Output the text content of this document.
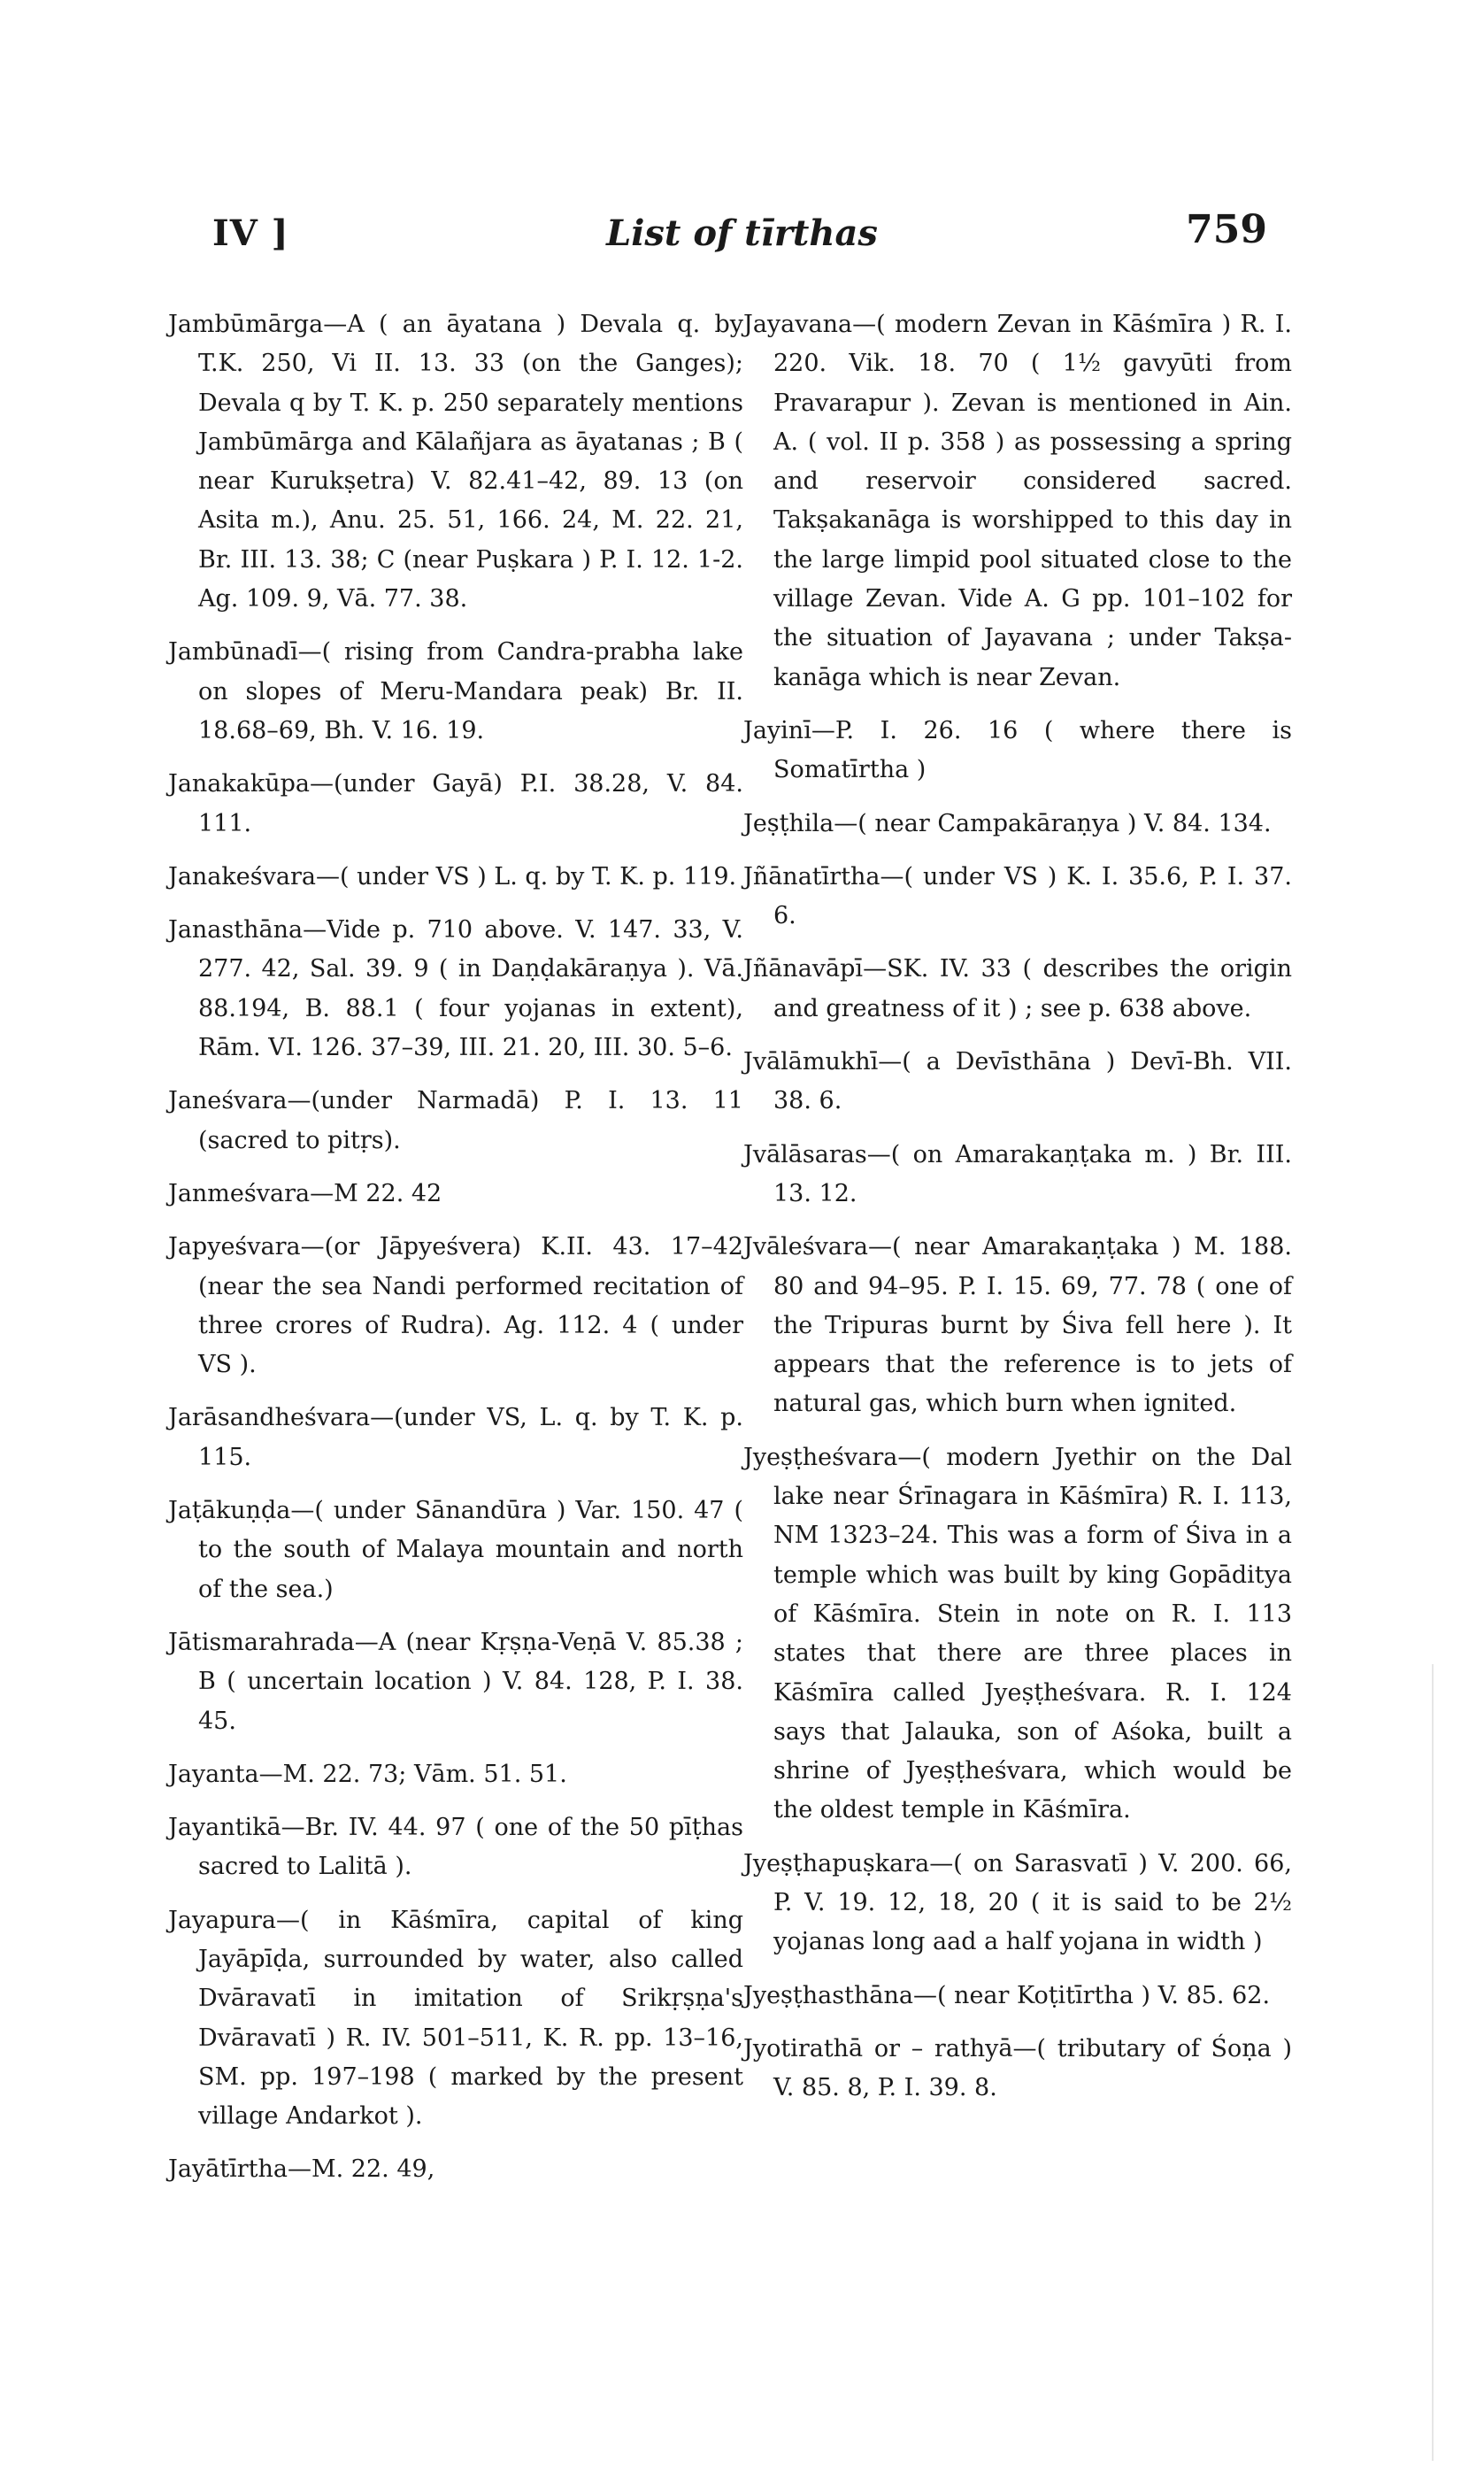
IV ]	List of tīrthas	759
Jambūmārga—A ( an āyatana ) Devala q. by T.K. 250, Vi II. 13. 33 (on the Ganges); Devala q by T. K. p. 250 separately mentions Jambūmārga and Kālañjara as āyatanas ; B ( near Kurukṣetra) V. 82.41–42, 89. 13 (on Asita m.), Anu. 25. 51, 166. 24, M. 22. 21, Br. III. 13. 38; C (near Puṣkara ) P. I. 12. 1-2. Ag. 109. 9, Vā. 77. 38.
Jambūnadī—( rising from Candra-prabha lake on slopes of Meru-Mandara peak) Br. II. 18.68–69, Bh. V. 16. 19.
Janakakūpa—(under Gayā) P.I. 38.28, V. 84. 111.
Janakeśvara—( under VS ) L. q. by T. K. p. 119.
Janasthāna—Vide p. 710 above. V. 147. 33, V. 277. 42, Sal. 39. 9 ( in Daṇḍakāraṇya ). Vā. 88.194, B. 88.1 ( four yojanas in extent), Rām. VI. 126. 37–39, III. 21. 20, III. 30. 5–6.
Janeśvara—(under Narmadā) P. I. 13. 11 (sacred to pitṛs).
Janmeśvara—M 22. 42
Japyeśvara—(or Jāpyeśvera) K.II. 43. 17–42 (near the sea Nandi performed recitation of three crores of Rudra). Ag. 112. 4 ( under VS ).
Jarāsandheśvara—(under VS, L. q. by T. K. p. 115.
Jaṭākuṇḍa—( under Sānandūra ) Var. 150. 47 ( to the south of Malaya mountain and north of the sea.)
Jātismarahrada—A (near Kṛṣṇa-Veṇā V. 85.38 ; B ( uncertain location ) V. 84. 128, P. I. 38. 45.
Jayanta—M. 22. 73; Vām. 51. 51.
Jayantikā—Br. IV. 44. 97 ( one of the 50 pīṭhas sacred to Lalitā ).
Jayapura—( in Kāśmīra, capital of king Jayāpīḍa, surrounded by water, also called Dvāravatī in imitation of Srikṛṣṇa's Dvāravatī ) R. IV. 501–511, K. R. pp. 13–16, SM. pp. 197–198 ( marked by the present village Andarkot ).
Jayātīrtha—M. 22. 49,
Jayavana—( modern Zevan in Kāśmīra ) R. I. 220. Vik. 18. 70 ( 1½ gavyūti from Pravarapur ). Zevan is mentioned in Ain. A. ( vol. II p. 358 ) as possessing a spring and reservoir considered sacred. Takṣakanāga is worshipped to this day in the large limpid pool situated close to the village Zevan. Vide A. G pp. 101–102 for the situation of Jayavana ; under Takṣa-kanāga which is near Zevan.
Jayinī—P. I. 26. 16 ( where there is Somatīrtha )
Jeṣṭhila—( near Campakāraṇya ) V. 84. 134.
Jñānatīrtha—( under VS ) K. I. 35.6, P. I. 37. 6.
Jñānavāpī—SK. IV. 33 ( describes the origin and greatness of it ) ; see p. 638 above.
Jvālāmukhī—( a Devīsthāna ) Devī-Bh. VII. 38. 6.
Jvālāsaras—( on Amarakaṇṭaka m. ) Br. III. 13. 12.
Jvāleśvara—( near Amarakaṇṭaka ) M. 188. 80 and 94–95. P. I. 15. 69, 77. 78 ( one of the Tripuras burnt by Śiva fell here ). It appears that the reference is to jets of natural gas, which burn when ignited.
Jyeṣṭheśvara—( modern Jyethir on the Dal lake near Śrīnagara in Kāśmīra) R. I. 113, NM 1323–24. This was a form of Śiva in a temple which was built by king Gopāditya of Kāśmīra. Stein in note on R. I. 113 states that there are three places in Kāśmīra called Jyeṣṭheśvara. R. I. 124 says that Jalauka, son of Aśoka, built a shrine of Jyeṣṭheśvara, which would be the oldest temple in Kāśmīra.
Jyeṣṭhapuṣkara—( on Sarasvatī ) V. 200. 66, P. V. 19. 12, 18, 20 ( it is said to be 2½ yojanas long aad a half yojana in width )
Jyeṣṭhasthāna—( near Koṭitīrtha ) V. 85. 62.
Jyotirathā or – rathyā—( tributary of Śoṇa ) V. 85. 8, P. I. 39. 8.
